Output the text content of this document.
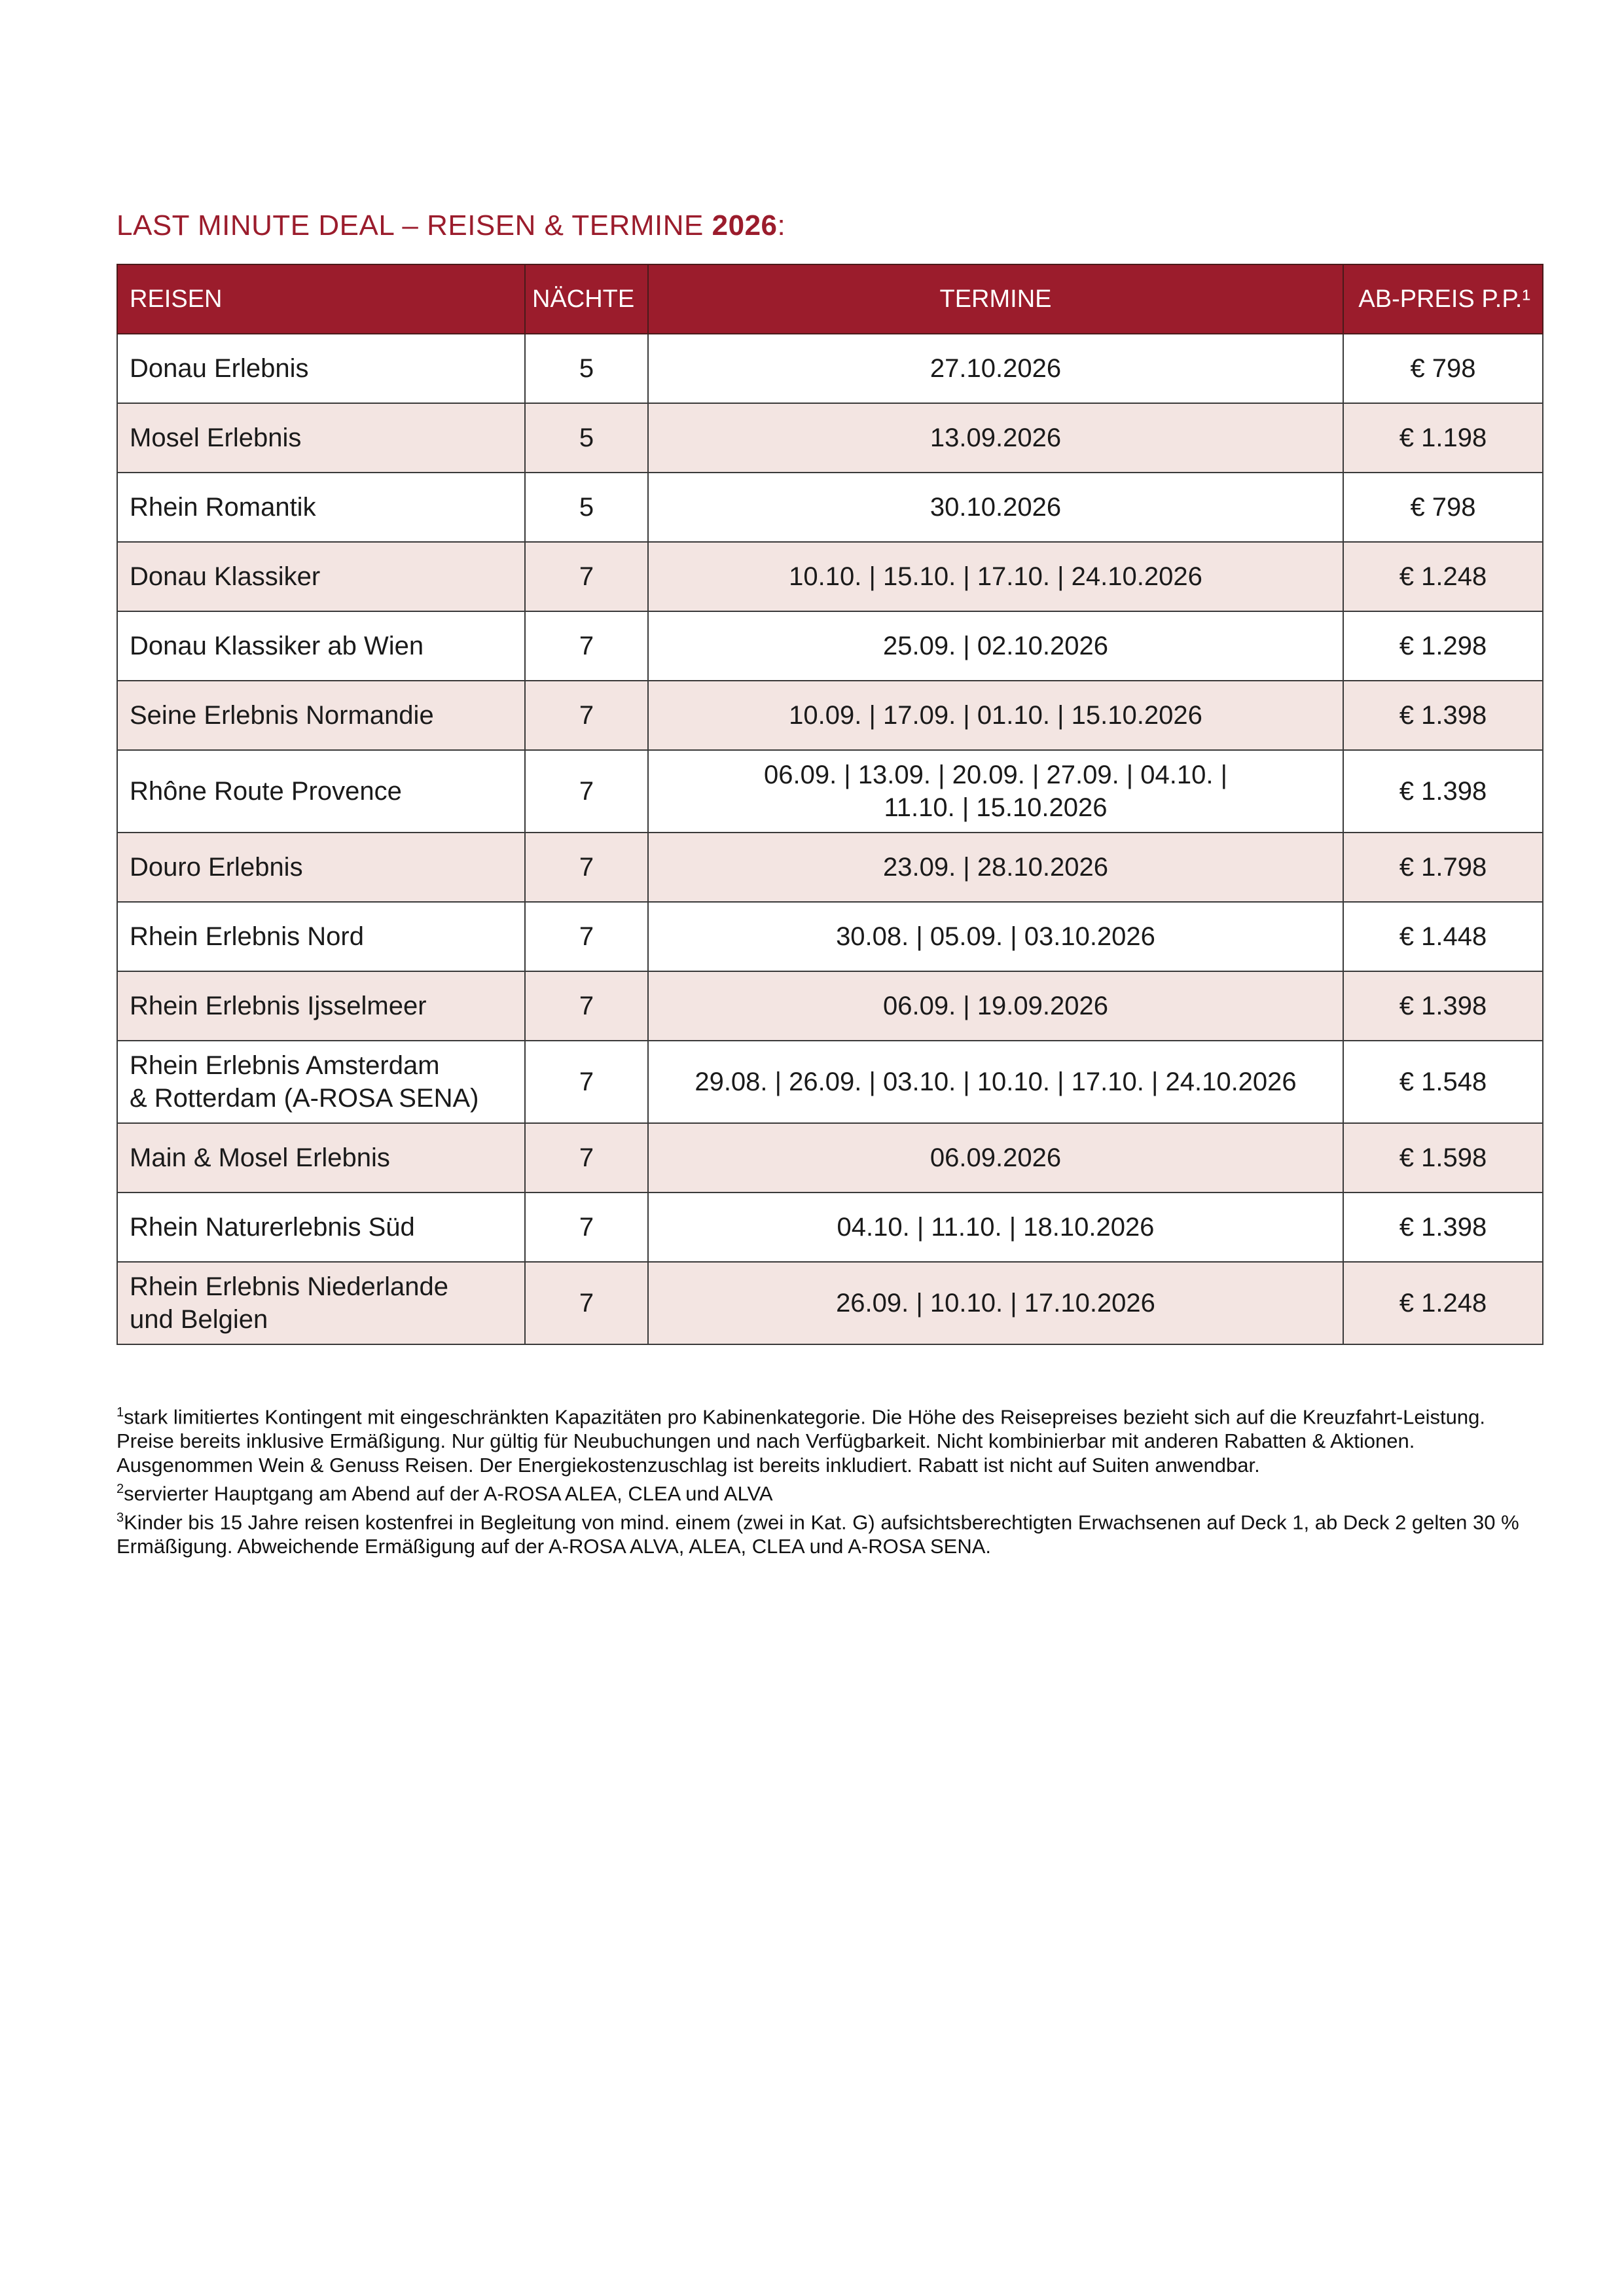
LAST MINUTE DEAL – REISEN & TERMINE 2026:
REISEN	NÄCHTE	TERMINE	AB-PREIS P.P.¹
Donau Erlebnis	5	27.10.2026	€ 798
Mosel Erlebnis	5	13.09.2026	€ 1.198
Rhein Romantik	5	30.10.2026	€ 798
Donau Klassiker	7	10.10. | 15.10. | 17.10. | 24.10.2026	€ 1.248
Donau Klassiker ab Wien	7	25.09. | 02.10.2026	€ 1.298
Seine Erlebnis Normandie	7	10.09. | 17.09. | 01.10. | 15.10.2026	€ 1.398
Rhône Route Provence	7	06.09. | 13.09. | 20.09. | 27.09. | 04.10. |
11.10. | 15.10.2026	€ 1.398
Douro Erlebnis	7	23.09. | 28.10.2026	€ 1.798
Rhein Erlebnis Nord	7	30.08. | 05.09. | 03.10.2026	€ 1.448
Rhein Erlebnis Ijsselmeer	7	06.09. | 19.09.2026	€ 1.398
Rhein Erlebnis Amsterdam
& Rotterdam (A-ROSA SENA)	7	29.08. | 26.09. | 03.10. | 10.10. | 17.10. | 24.10.2026	€ 1.548
Main & Mosel Erlebnis	7	06.09.2026	€ 1.598
Rhein Naturerlebnis Süd	7	04.10. | 11.10. | 18.10.2026	€ 1.398
Rhein Erlebnis Niederlande
und Belgien	7	26.09. | 10.10. | 17.10.2026	€ 1.248

$^1$stark limitiertes Kontingent mit eingeschränkten Kapazitäten pro Kabinenkategorie. Die Höhe des Reisepreises bezieht sich auf die Kreuzfahrt-Leistung. Preise bereits inklusive Ermäßigung. Nur gültig für Neubuchungen und nach Verfügbarkeit. Nicht kombinierbar mit anderen Rabatten & Aktionen. Ausgenommen Wein & Genuss Reisen. Der Energiekostenzuschlag ist bereits inkludiert. Rabatt ist nicht auf Suiten anwendbar.

$^2$servierter Hauptgang am Abend auf der A-ROSA ALEA, CLEA und ALVA

$^3$Kinder bis 15 Jahre reisen kostenfrei in Begleitung von mind. einem (zwei in Kat. G) aufsichtsberechtigten Erwachsenen auf Deck 1, ab Deck 2 gelten 30 % Ermäßigung. Abweichende Ermäßigung auf der A-ROSA ALVA, ALEA, CLEA und A-ROSA SENA.
